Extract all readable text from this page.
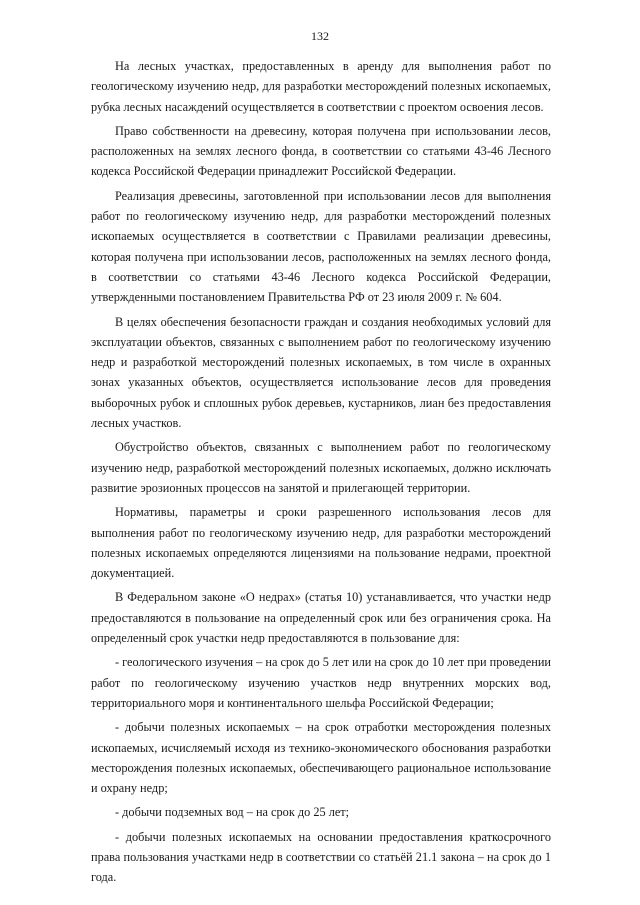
132

На лесных участках, предоставленных в аренду для выполнения работ по геологическому изучению недр, для разработки месторождений полезных ископаемых, рубка лесных насаждений осуществляется в соответствии с проектом освоения лесов.

Право собственности на древесину, которая получена при использовании лесов, расположенных на землях лесного фонда, в соответствии со статьями 43-46 Лесного кодекса Российской Федерации принадлежит Российской Федерации.

Реализация древесины, заготовленной при использовании лесов для выполнения работ по геологическому изучению недр, для разработки месторождений полезных ископаемых осуществляется в соответствии с Правилами реализации древесины, которая получена при использовании лесов, расположенных на землях лесного фонда, в соответствии со статьями 43-46 Лесного кодекса Российской Федерации, утвержденными постановлением Правительства РФ от 23 июля 2009 г. № 604.

В целях обеспечения безопасности граждан и создания необходимых условий для эксплуатации объектов, связанных с выполнением работ по геологическому изучению недр и разработкой месторождений полезных ископаемых, в том числе в охранных зонах указанных объектов, осуществляется использование лесов для проведения выборочных рубок и сплошных рубок деревьев, кустарников, лиан без предоставления лесных участков.

Обустройство объектов, связанных с выполнением работ по геологическому изучению недр, разработкой месторождений полезных ископаемых, должно исключать развитие эрозионных процессов на занятой и прилегающей территории.

Нормативы, параметры и сроки разрешенного использования лесов для выполнения работ по геологическому изучению недр, для разработки месторождений полезных ископаемых определяются лицензиями на пользование недрами, проектной документацией.

В Федеральном законе «О недрах» (статья 10) устанавливается, что участки недр предоставляются в пользование на определенный срок или без ограничения срока. На определенный срок участки недр предоставляются в пользование для:

- геологического изучения – на срок до 5 лет или на срок до 10 лет при проведении работ по геологическому изучению участков недр внутренних морских вод, территориального моря и континентального шельфа Российской Федерации;

- добычи полезных ископаемых – на срок отработки месторождения полезных ископаемых, исчисляемый исходя из технико-экономического обоснования разработки месторождения полезных ископаемых, обеспечивающего рациональное использование и охрану недр;

- добычи подземных вод – на срок до 25 лет;

- добычи полезных ископаемых на основании предоставления краткосрочного права пользования участками недр в соответствии со статьёй 21.1 закона – на срок до 1 года.
